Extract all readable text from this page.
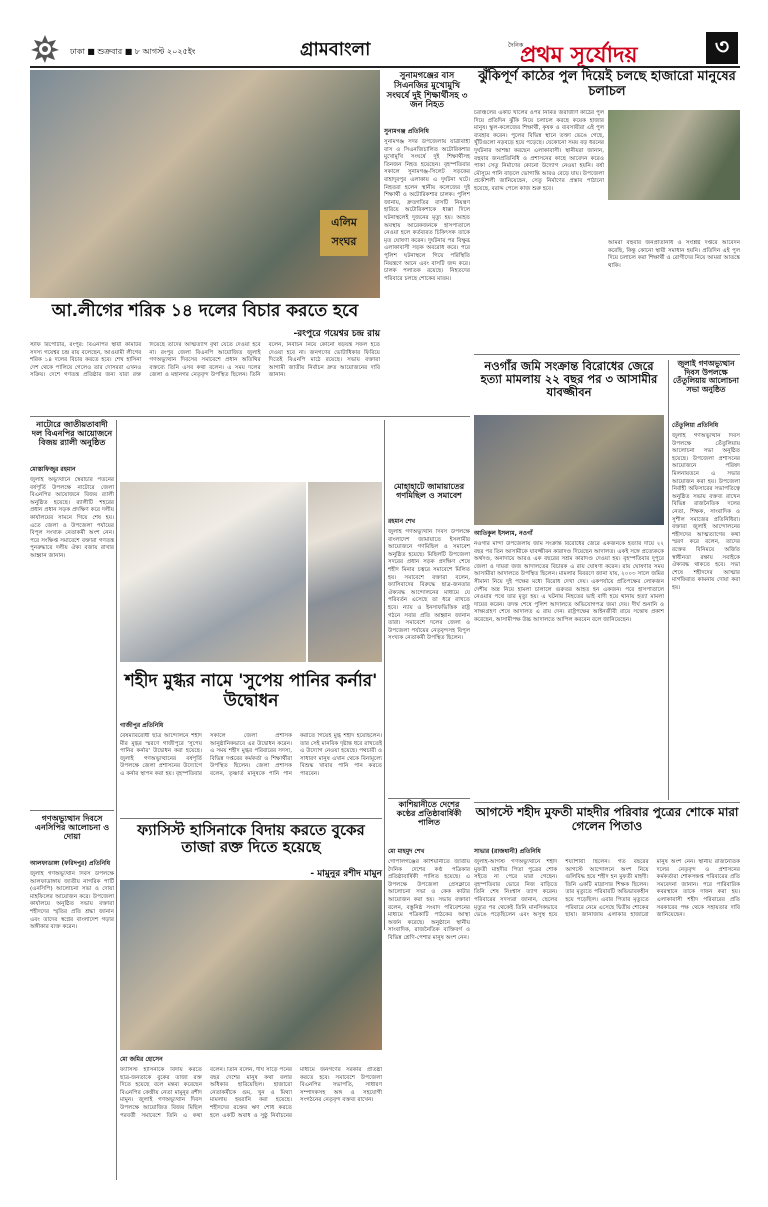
ঢাকা ■ শুক্রবার ■ ৮ আগস্ট ২০২৫ইং	গ্রামবাংলা	দৈনিক
প্রথম সূর্যোদয়	৩
এলিম সংঘর
সুনামগঞ্জের বাস সিএনজির মুখোমুখি সংঘর্ষে দুই শিক্ষার্থীসহ ৩ জন নিহত
সুনামগঞ্জ প্রতিনিধি
সুনামগঞ্জ সদর উপজেলায় যাত্রীবাহী বাস ও সিএনজিচালিত অটোরিকশার মুখোমুখি সংঘর্ষে দুই শিক্ষার্থীসহ তিনজন নিহত হয়েছেন। বৃহস্পতিবার সকালে সুনামগঞ্জ-সিলেট সড়কের বাহাদুরপুর এলাকায় এ দুর্ঘটনা ঘটে। নিহতরা হলেন স্থানীয় কলেজের দুই শিক্ষার্থী ও অটোরিকশার চালক। পুলিশ জানায়, দ্রুতগতির বাসটি নিয়ন্ত্রণ হারিয়ে অটোরিকশাকে ধাক্কা দিলে ঘটনাস্থলেই দুজনের মৃত্যু হয়। আহত অবস্থায় আরেকজনকে হাসপাতালে নেওয়া হলে কর্তব্যরত চিকিৎসক তাকে মৃত ঘোষণা করেন। দুর্ঘটনার পর বিক্ষুব্ধ এলাকাবাসী সড়ক অবরোধ করে। পরে পুলিশ ঘটনাস্থলে গিয়ে পরিস্থিতি নিয়ন্ত্রণে আনে এবং বাসটি জব্দ করে। চালক পলাতক রয়েছে। নিহতদের পরিবারে চলছে শোকের মাতম।
আ.লীগের শরিক ১৪ দলের বিচার করতে হবে
-রংপুরে গয়েশ্বর চন্দ্র রায়
স্টাফ রিপোর্টার, রংপুর: বিএনপির স্থায়ী কমিটির সদস্য গয়েশ্বর চন্দ্র রায় বলেছেন, আওয়ামী লীগের শরিক ১৪ দলের বিচার করতে হবে। শেখ হাসিনা দেশ থেকে পালিয়ে গেলেও তার দোসররা এখনও সক্রিয়। দেশে গণতন্ত্র প্রতিষ্ঠার জন্য যারা রক্ত দিয়েছে তাদের আত্মত্যাগ বৃথা যেতে দেওয়া হবে না। রংপুর জেলা বিএনপি আয়োজিত জুলাই গণঅভ্যুত্থান দিবসের সমাবেশে প্রধান অতিথির বক্তব্যে তিনি এসব কথা বলেন। এ সময় দলের জেলা ও মহানগর নেতৃবৃন্দ উপস্থিত ছিলেন। তিনি বলেন, নির্বাচন নিয়ে কোনো ষড়যন্ত্র সফল হতে দেওয়া হবে না। জনগণের ভোটাধিকার ফিরিয়ে দিতেই বিএনপি মাঠে রয়েছে। সভায় বক্তারা আগামী জাতীয় নির্বাচন দ্রুত আয়োজনের দাবি জানান।
ঝুঁকিপূর্ণ কাঠের পুল দিয়েই চলছে হাজারো মানুষের চলাচল
চরাঞ্চলের একটি খালের ওপর নির্মিত জরাজীর্ণ কাঠের পুল দিয়ে প্রতিদিন ঝুঁকি নিয়ে চলাচল করছে কয়েক হাজার মানুষ। স্কুল-কলেজের শিক্ষার্থী, কৃষক ও ব্যবসায়ীরা এই পুল ব্যবহার করেন। পুলের বিভিন্ন স্থানে তক্তা ভেঙে গেছে, খুঁটিগুলো নড়বড়ে হয়ে পড়েছে। যেকোনো সময় বড় ধরনের দুর্ঘটনার আশঙ্কা করছেন এলাকাবাসী। স্থানীয়রা জানান, বহুবার জনপ্রতিনিধি ও প্রশাসনের কাছে আবেদন করেও পাকা সেতু নির্মাণের কোনো উদ্যোগ নেওয়া হয়নি। বর্ষা মৌসুমে পানি বাড়লে ভোগান্তি আরও বেড়ে যায়। উপজেলা প্রকৌশলী জানিয়েছেন, সেতু নির্মাণের প্রস্তাব পাঠানো হয়েছে, বরাদ্দ পেলে কাজ শুরু হবে।
আমরা বহুবার জনপ্রতিনিধি ও সংশ্লিষ্ট দপ্তরে আবেদন করেছি, কিন্তু কোনো স্থায়ী সমাধান হয়নি। প্রতিদিন এই পুল দিয়ে চলাচল করা শিক্ষার্থী ও রোগীদের নিয়ে আমরা আতঙ্কে থাকি।
নওগাঁর জমি সংক্রান্ত বিরোধের জেরে হত্যা মামলায় ২২ বছর পর ৩ আসামীর যাবজ্জীবন
আতিকুল ইসলাম, নওগাঁ
নওগাঁর মান্দা উপজেলায় জমি সংক্রান্ত বিরোধের জেরে একজনকে হত্যার দায়ে ২২ বছর পর তিন আসামীকে যাবজ্জীবন কারাদণ্ড দিয়েছেন আদালত। একই সঙ্গে প্রত্যেককে অর্থদণ্ড, অনাদায়ে আরও এক বছরের সশ্রম কারাদণ্ড দেওয়া হয়। বৃহস্পতিবার দুপুরে জেলা ও দায়রা জজ আদালতের বিচারক এ রায় ঘোষণা করেন। রায় ঘোষণার সময় আসামীরা আদালতে উপস্থিত ছিলেন। মামলার বিবরণে জানা যায়, ২০০৩ সালে জমির সীমানা নিয়ে দুই পক্ষের মধ্যে বিরোধ দেখা দেয়। একপর্যায়ে প্রতিপক্ষের লোকজন দেশীয় অস্ত্র নিয়ে হামলা চালালে গুরুতর আহত হন একজন। পরে হাসপাতালে নেওয়ার পথে তার মৃত্যু হয়। এ ঘটনায় নিহতের ভাই বাদী হয়ে থানায় হত্যা মামলা দায়ের করেন। তদন্ত শেষে পুলিশ আদালতে অভিযোগপত্র জমা দেয়। দীর্ঘ শুনানি ও সাক্ষ্যগ্রহণ শেষে আদালত এ রায় দেন। রাষ্ট্রপক্ষের আইনজীবী রায়ে সন্তোষ প্রকাশ করেছেন, আসামীপক্ষ উচ্চ আদালতে আপিল করবেন বলে জানিয়েছেন।
জুলাই গণঅভ্যুত্থান দিবস উপলক্ষে তেঁতুলিয়ায় আলোচনা সভা অনুষ্ঠিত
তেঁতুলিয়া প্রতিনিধি
জুলাই গণঅভ্যুত্থান দিবস উপলক্ষে তেঁতুলিয়ায় আলোচনা সভা অনুষ্ঠিত হয়েছে। উপজেলা প্রশাসনের আয়োজনে পরিষদ মিলনায়তনে এ সভার আয়োজন করা হয়। উপজেলা নির্বাহী অফিসারের সভাপতিত্বে অনুষ্ঠিত সভায় বক্তব্য রাখেন বিভিন্ন রাজনৈতিক দলের নেতা, শিক্ষক, সাংবাদিক ও সুশীল সমাজের প্রতিনিধিরা। বক্তারা জুলাই আন্দোলনের শহীদদের আত্মত্যাগের কথা স্মরণ করে বলেন, তাদের রক্তের বিনিময়ে অর্জিত স্বাধীনতা রক্ষায় সবাইকে ঐক্যবদ্ধ থাকতে হবে। সভা শেষে শহীদদের আত্মার মাগফিরাত কামনায় দোয়া করা হয়।
নাটোরে জাতীয়তাবাদী দল বিএনপির আয়োজনে বিজয় র‍্যালী অনুষ্ঠিত
মোস্তাফিজুর রহমান
জুলাই অভ্যুত্থানে স্বৈরাচার পতনের বর্ষপূর্তি উপলক্ষে নাটোরে জেলা বিএনপির আয়োজনে বিজয় র‍্যালী অনুষ্ঠিত হয়েছে। র‍্যালীটি শহরের প্রধান প্রধান সড়ক প্রদক্ষিণ করে দলীয় কার্যালয়ের সামনে গিয়ে শেষ হয়। এতে জেলা ও উপজেলা পর্যায়ের বিপুল সংখ্যক নেতাকর্মী অংশ নেন। পরে সংক্ষিপ্ত সমাবেশে বক্তারা গণতন্ত্র পুনরুদ্ধারে দলীয় ঐক্য বজায় রাখার আহ্বান জানান।
গণঅভ্যুত্থান দিবসে এনসিপির আলোচনা ও দোয়া
আলফাডাঙ্গা (ফরিদপুর) প্রতিনিধি
জুলাই গণঅভ্যুত্থান দিবস উপলক্ষে আলফাডাঙ্গায় জাতীয় নাগরিক পার্টি (এনসিপি) আলোচনা সভা ও দোয়া মাহফিলের আয়োজন করে। উপজেলা কার্যালয়ে অনুষ্ঠিত সভায় বক্তারা শহীদদের স্মৃতির প্রতি শ্রদ্ধা জানান এবং তাদের স্বপ্নের বাংলাদেশ গড়ার অঙ্গীকার ব্যক্ত করেন।
শহীদ মুগ্ধর নামে 'সুপেয় পানির কর্নার' উদ্বোধন
গাজীপুর প্রতিনিধি
বৈষম্যবিরোধী ছাত্র আন্দোলনে শহীদ মীর মুগ্ধর স্মরণে গাজীপুরে 'সুপেয় পানির কর্নার' উদ্বোধন করা হয়েছে। জুলাই গণঅভ্যুত্থানের বর্ষপূর্তি উপলক্ষে জেলা প্রশাসনের উদ্যোগে এ কর্নার স্থাপন করা হয়। বৃহস্পতিবার সকালে জেলা প্রশাসক আনুষ্ঠানিকভাবে এর উদ্বোধন করেন। এ সময় শহীদ মুগ্ধর পরিবারের সদস্য, বিভিন্ন দপ্তরের কর্মকর্তা ও শিক্ষার্থীরা উপস্থিত ছিলেন। জেলা প্রশাসক বলেন, তৃষ্ণার্ত মানুষকে পানি পান করাতে গিয়েই মুগ্ধ শহীদ হয়েছিলেন। তার সেই মানবিক দৃষ্টান্ত ধরে রাখতেই এ উদ্যোগ নেওয়া হয়েছে। পথচারী ও সাধারণ মানুষ এখান থেকে বিনামূল্যে বিশুদ্ধ খাবার পানি পান করতে পারবেন।
মোহাহাটে জামায়াতের গণমিছিল ও সমাবেশ
রহমান শেখ
জুলাই গণঅভ্যুত্থান দিবস উপলক্ষে বাংলাদেশ জামায়াতে ইসলামীর আয়োজনে গণমিছিল ও সমাবেশ অনুষ্ঠিত হয়েছে। মিছিলটি উপজেলা সদরের প্রধান সড়ক প্রদক্ষিণ শেষে শহীদ মিনার চত্বরে সমাবেশে মিলিত হয়। সমাবেশে বক্তারা বলেন, ফ্যাসিবাদের বিরুদ্ধে ছাত্র-জনতার ঐক্যবদ্ধ আন্দোলনের মাধ্যমে যে পরিবর্তন এসেছে তা ধরে রাখতে হবে। ন্যায় ও ইনসাফভিত্তিক রাষ্ট্র গঠনে সবার প্রতি আহ্বান জানান তারা। সমাবেশে দলের জেলা ও উপজেলা পর্যায়ের নেতৃবৃন্দসহ বিপুল সংখ্যক নেতাকর্মী উপস্থিত ছিলেন।
কাশিয়ানীতে দেশের কণ্ঠের প্রতিষ্ঠাবার্ষিকী পালিত
মো মাহমুদ শেখ
গোপালগঞ্জের কাশিয়ানীতে জাতীয় দৈনিক দেশের কণ্ঠ পত্রিকার প্রতিষ্ঠাবার্ষিকী পালিত হয়েছে। এ উপলক্ষে উপজেলা প্রেসক্লাবে আলোচনা সভা ও কেক কাটার আয়োজন করা হয়। সভায় বক্তারা বলেন, বস্তুনিষ্ঠ সংবাদ পরিবেশনের মাধ্যমে পত্রিকাটি পাঠকের আস্থা অর্জন করেছে। অনুষ্ঠানে স্থানীয় সাংবাদিক, রাজনৈতিক ব্যক্তিবর্গ ও বিভিন্ন শ্রেণি-পেশার মানুষ অংশ নেন।
ফ্যাসিস্ট হাসিনাকে বিদায় করতে বুকের তাজা রক্ত দিতে হয়েছে
- মামুনুর রশীদ মামুন
মো জমির হোসেন
ফ্যাসিস্ট হাসিনাকে বিদায় করতে ছাত্র-জনতাকে বুকের তাজা রক্ত দিতে হয়েছে বলে মন্তব্য করেছেন বিএনপির কেন্দ্রীয় নেতা মামুনুর রশীদ মামুন। জুলাই গণঅভ্যুত্থান দিবস উপলক্ষে আয়োজিত বিজয় মিছিল পরবর্তী সমাবেশে তিনি এ কথা বলেন। তিনি বলেন, দীর্ঘ সাড়ে পনের বছর দেশের মানুষ কথা বলার অধিকার হারিয়েছিল। হাজারো নেতাকর্মীকে গুম, খুন ও মিথ্যা মামলায় হয়রানি করা হয়েছে। শহীদদের রক্তের ঋণ শোধ করতে হলে একটি অবাধ ও সুষ্ঠু নির্বাচনের মাধ্যমে জনগণের সরকার প্রতিষ্ঠা করতে হবে। সমাবেশে উপজেলা বিএনপির সভাপতি, সাধারণ সম্পাদকসহ অঙ্গ ও সহযোগী সংগঠনের নেতৃবৃন্দ বক্তব্য রাখেন।
আগস্টে শহীদ মুফতী মাহদীর পরিবার পুত্রের শোকে মারা গেলেন পিতাও
সাভার (রাজধানী) প্রতিনিধি
জুলাই-আগস্ট গণঅভ্যুত্থানে শহীদ মুফতী মাহদীর পিতা পুত্রের শোক সইতে না পেরে মারা গেছেন। বৃহস্পতিবার ভোরে নিজ বাড়িতে তিনি শেষ নিঃশ্বাস ত্যাগ করেন। পরিবারের সদস্যরা জানান, ছেলের মৃত্যুর পর থেকেই তিনি মানসিকভাবে ভেঙে পড়েছিলেন এবং অসুস্থ হয়ে শয্যাশায়ী ছিলেন। গত বছরের আগস্টে আন্দোলনে অংশ নিয়ে গুলিবিদ্ধ হয়ে শহীদ হন মুফতী মাহদী। তিনি একটি মাদ্রাসার শিক্ষক ছিলেন। তার মৃত্যুতে পরিবারটি অভিভাবকহীন হয়ে পড়েছিল। এবার পিতার মৃত্যুতে পরিবারে নেমে এসেছে দ্বিতীয় শোকের ছায়া। জানাজায় এলাকার হাজারো মানুষ অংশ নেন। স্থানীয় রাজনৈতিক দলের নেতৃবৃন্দ ও প্রশাসনের কর্মকর্তারা শোকসন্তপ্ত পরিবারের প্রতি সমবেদনা জানান। পরে পারিবারিক কবরস্থানে তাকে দাফন করা হয়। এলাকাবাসী শহীদ পরিবারের প্রতি সরকারের পক্ষ থেকে সহায়তার দাবি জানিয়েছেন।
